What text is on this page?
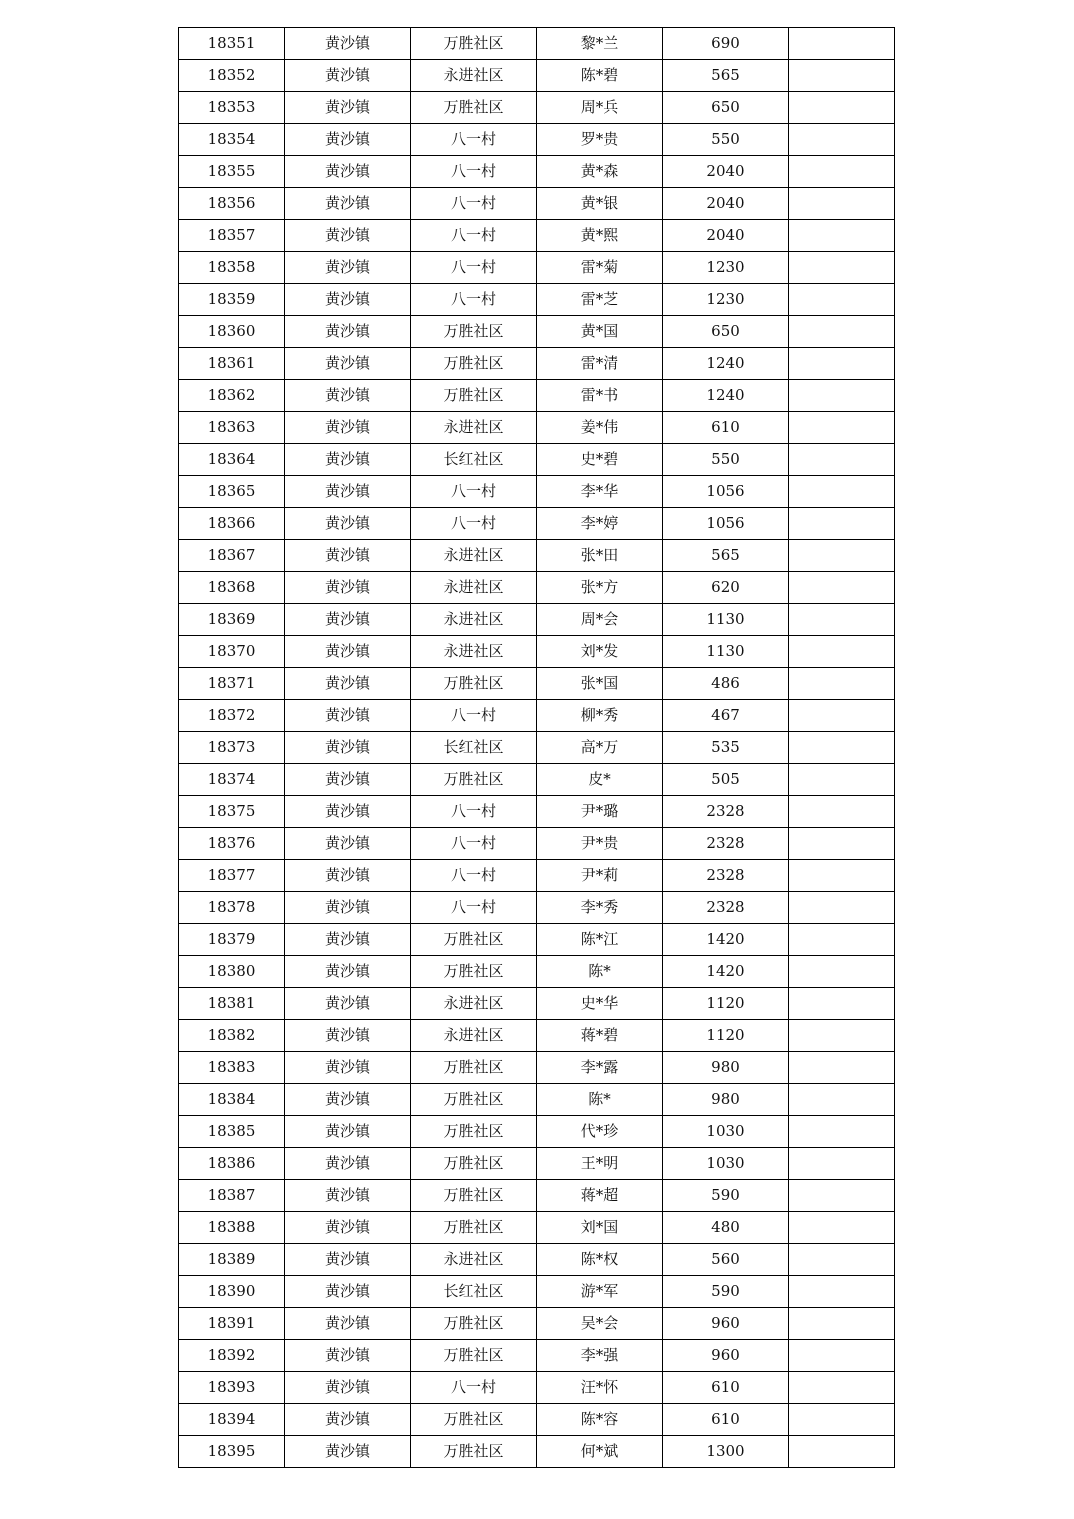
18351	黄沙镇	万胜社区	黎*兰	690	
18352	黄沙镇	永进社区	陈*碧	565	
18353	黄沙镇	万胜社区	周*兵	650	
18354	黄沙镇	八一村	罗*贵	550	
18355	黄沙镇	八一村	黄*森	2040	
18356	黄沙镇	八一村	黄*银	2040	
18357	黄沙镇	八一村	黄*熙	2040	
18358	黄沙镇	八一村	雷*菊	1230	
18359	黄沙镇	八一村	雷*芝	1230	
18360	黄沙镇	万胜社区	黄*国	650	
18361	黄沙镇	万胜社区	雷*清	1240	
18362	黄沙镇	万胜社区	雷*书	1240	
18363	黄沙镇	永进社区	姜*伟	610	
18364	黄沙镇	长红社区	史*碧	550	
18365	黄沙镇	八一村	李*华	1056	
18366	黄沙镇	八一村	李*婷	1056	
18367	黄沙镇	永进社区	张*田	565	
18368	黄沙镇	永进社区	张*方	620	
18369	黄沙镇	永进社区	周*会	1130	
18370	黄沙镇	永进社区	刘*发	1130	
18371	黄沙镇	万胜社区	张*国	486	
18372	黄沙镇	八一村	柳*秀	467	
18373	黄沙镇	长红社区	高*万	535	
18374	黄沙镇	万胜社区	皮*	505	
18375	黄沙镇	八一村	尹*璐	2328	
18376	黄沙镇	八一村	尹*贵	2328	
18377	黄沙镇	八一村	尹*莉	2328	
18378	黄沙镇	八一村	李*秀	2328	
18379	黄沙镇	万胜社区	陈*江	1420	
18380	黄沙镇	万胜社区	陈*	1420	
18381	黄沙镇	永进社区	史*华	1120	
18382	黄沙镇	永进社区	蒋*碧	1120	
18383	黄沙镇	万胜社区	李*露	980	
18384	黄沙镇	万胜社区	陈*	980	
18385	黄沙镇	万胜社区	代*珍	1030	
18386	黄沙镇	万胜社区	王*明	1030	
18387	黄沙镇	万胜社区	蒋*超	590	
18388	黄沙镇	万胜社区	刘*国	480	
18389	黄沙镇	永进社区	陈*权	560	
18390	黄沙镇	长红社区	游*军	590	
18391	黄沙镇	万胜社区	吴*会	960	
18392	黄沙镇	万胜社区	李*强	960	
18393	黄沙镇	八一村	汪*怀	610	
18394	黄沙镇	万胜社区	陈*容	610	
18395	黄沙镇	万胜社区	何*斌	1300	
